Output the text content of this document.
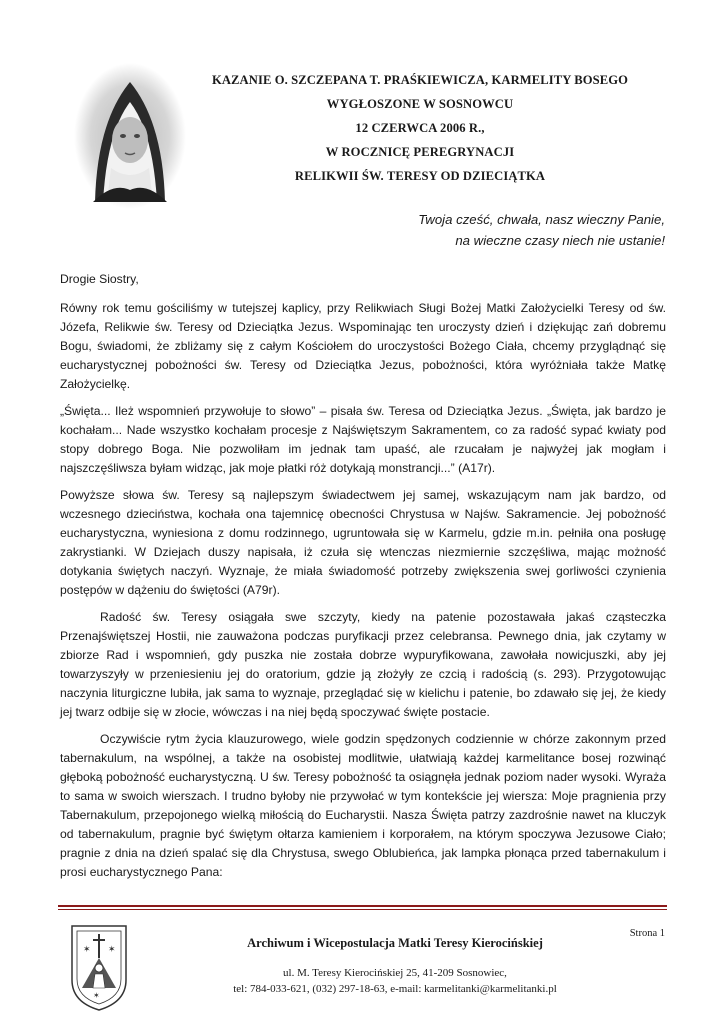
KAZANIE O. SZCZEPANA T. PRAŚKIEWICZA, KARMELITY BOSEGO
WYGŁOSZONE W SOSNOWCU
12 CZERWCA 2006 R.,
W ROCZNICĘ PEREGRYNACJI
RELIKWII ŚW. TERESY OD DZIECIĄTKA
Twoja cześć, chwała, nasz wieczny Panie,
na wieczne czasy niech nie ustanie!

Drogie Siostry,

Równy rok temu gościliśmy w tutejszej kaplicy, przy Relikwiach Sługi Bożej Matki Założycielki Teresy od św. Józefa, Relikwie św. Teresy od Dzieciątka Jezus. Wspominając ten uroczysty dzień i dziękując zań dobremu Bogu, świadomi, że zbliżamy się z całym Kościołem do uroczystości Bożego Ciała, chcemy przyglądnąć się eucharystycznej pobożności św. Teresy od Dzieciątka Jezus, pobożności, która wyróżniała także Matkę Założycielkę.

„Święta... Ileż wspomnień przywołuje to słowo” – pisała św. Teresa od Dzieciątka Jezus. „Święta, jak bardzo je kochałam... Nade wszystko kochałam procesje z Najświętszym Sakramentem, co za radość sypać kwiaty pod stopy dobrego Boga. Nie pozwoliłam im jednak tam upaść, ale rzucałam je najwyżej jak mogłam i najszczęśliwsza byłam widząc, jak moje płatki róż dotykają monstrancji...” (A17r).

Powyższe słowa św. Teresy są najlepszym świadectwem jej samej, wskazującym nam jak bardzo, od wczesnego dzieciństwa, kochała ona tajemnicę obecności Chrystusa w Najśw. Sakramencie. Jej pobożność eucharystyczna, wyniesiona z domu rodzinnego, ugruntowała się w Karmelu, gdzie m.in. pełniła ona posługę zakrystianki. W Dziejach duszy napisała, iż czuła się wtenczas niezmiernie szczęśliwa, mając możność dotykania świętych naczyń. Wyznaje, że miała świadomość potrzeby zwiększenia swej gorliwości czynienia postępów w dążeniu do świętości (A79r).

Radość św. Teresy osiągała swe szczyty, kiedy na patenie pozostawała jakaś cząsteczka Przenajświętszej Hostii, nie zauważona podczas puryfikacji przez celebransa. Pewnego dnia, jak czytamy w zbiorze Rad i wspomnień, gdy puszka nie została dobrze wypuryfikowana, zawołała nowicjuszki, aby jej towarzyszyły w przeniesieniu jej do oratorium, gdzie ją złożyły ze czcią i radością (s. 293). Przygotowując naczynia liturgiczne lubiła, jak sama to wyznaje, przeglądać się w kielichu i patenie, bo zdawało się jej, że kiedy jej twarz odbije się w złocie, wówczas i na niej będą spoczywać święte postacie.

Oczywiście rytm życia klauzurowego, wiele godzin spędzonych codziennie w chórze zakonnym przed tabernakulum, na wspólnej, a także na osobistej modlitwie, ułatwiają każdej karmelitance bosej rozwinąć głęboką pobożność eucharystyczną. U św. Teresy pobożność ta osiągnęła jednak poziom nader wysoki. Wyraża to sama w swoich wierszach. I trudno byłoby nie przywołać w tym kontekście jej wiersza: Moje pragnienia przy Tabernakulum, przepojonego wielką miłością do Eucharystii. Nasza Święta patrzy zazdrośnie nawet na kluczyk od tabernakulum, pragnie być świętym ołtarza kamieniem i korporałem, na którym spoczywa Jezusowe Ciało; pragnie z dnia na dzień spalać się dla Chrystusa, swego Oblubieńca, jak lampka płonąca przed tabernakulum i prosi eucharystycznego Pana:

✶ ✶
✶
Strona 1
Archiwum i Wicepostulacja Matki Teresy Kierocińskiej
ul. M. Teresy Kierocińskiej 25, 41-209 Sosnowiec,
tel: 784-033-621, (032) 297-18-63, e-mail: karmelitanki@karmelitanki.pl
